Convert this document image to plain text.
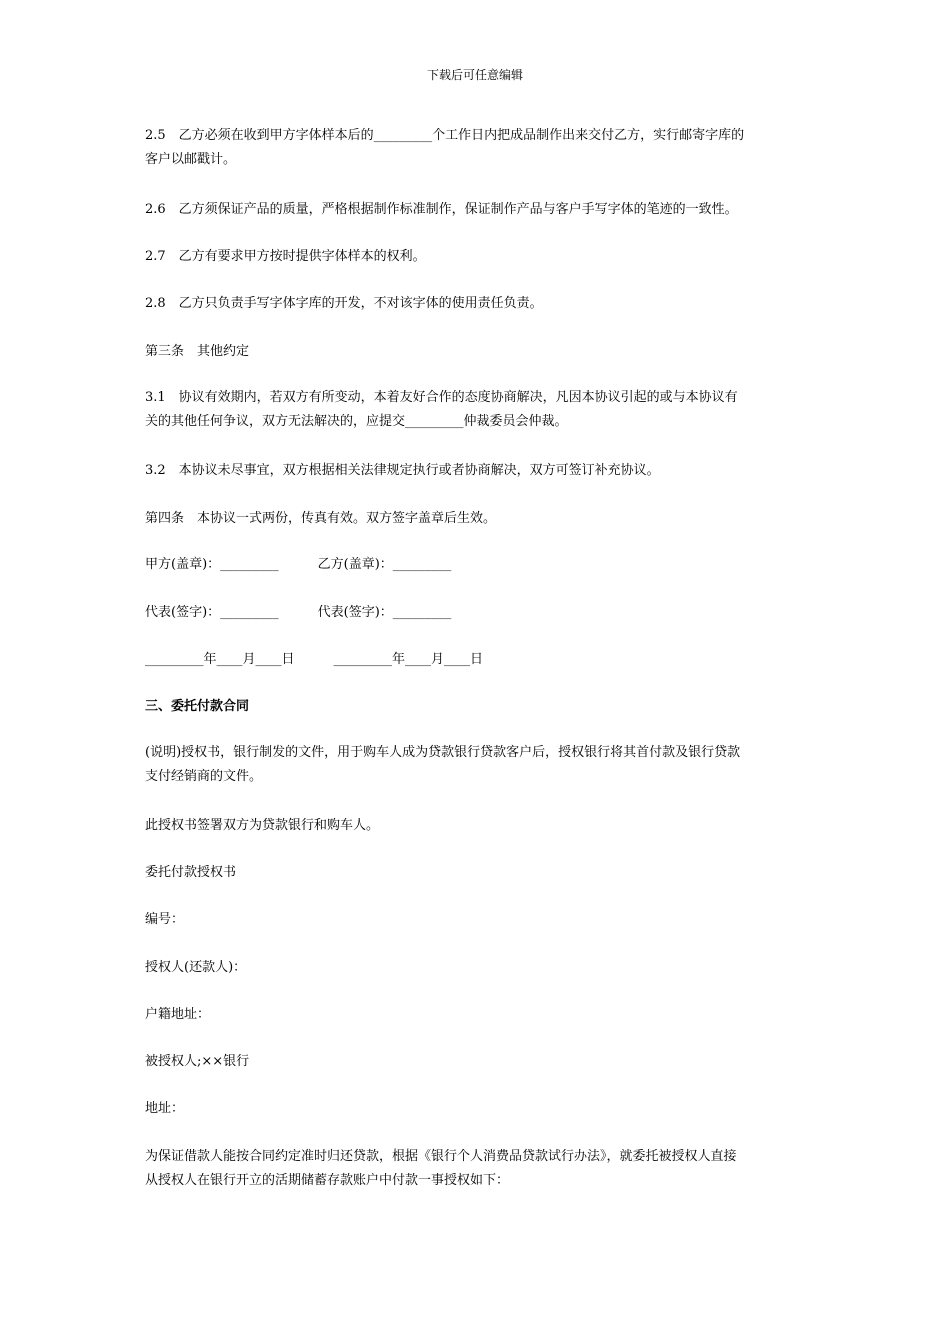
下载后可任意编辑

2.5　乙方必须在收到甲方字体样本后的_________个工作日内把成品制作出来交付乙方，实行邮寄字库的
客户以邮戳计。

2.6　乙方须保证产品的质量，严格根据制作标准制作，保证制作产品与客户手写字体的笔迹的一致性。

2.7　乙方有要求甲方按时提供字体样本的权利。

2.8　乙方只负责手写字体字库的开发，不对该字体的使用责任负责。

第三条　其他约定

3.1　协议有效期内，若双方有所变动，本着友好合作的态度协商解决，凡因本协议引起的或与本协议有
关的其他任何争议，双方无法解决的，应提交_________仲裁委员会仲裁。

3.2　本协议未尽事宜，双方根据相关法律规定执行或者协商解决，双方可签订补充协议。

第四条　本协议一式两份，传真有效。双方签字盖章后生效。

甲方(盖章)：_________　　　乙方(盖章)：_________

代表(签字)：_________　　　代表(签字)：_________

_________年____月____日　　　_________年____月____日

三、委托付款合同

(说明)授权书，银行制发的文件，用于购车人成为贷款银行贷款客户后，授权银行将其首付款及银行贷款
支付经销商的文件。

此授权书签署双方为贷款银行和购车人。

委托付款授权书

编号：

授权人(还款人)：

户籍地址：

被授权人;××银行

地址：

为保证借款人能按合同约定准时归还贷款，根据《银行个人消费品贷款试行办法》，就委托被授权人直接
从授权人在银行开立的活期储蓄存款账户中付款一事授权如下：
